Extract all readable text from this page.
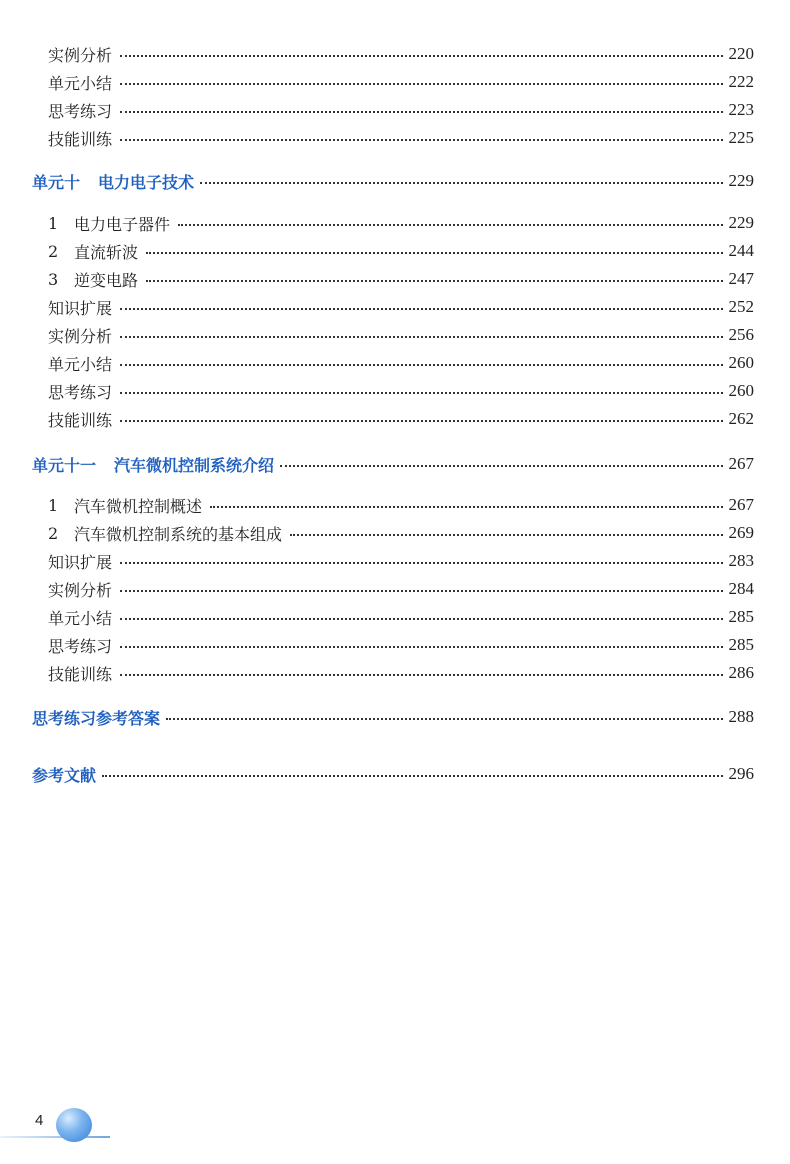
实例分析	220
单元小结	222
思考练习	223
技能训练	225
单元十 电力电子技术	229
1 电力电子器件	229
2 直流斩波	244
3 逆变电路	247
知识扩展	252
实例分析	256
单元小结	260
思考练习	260
技能训练	262
单元十一 汽车微机控制系统介绍	267
1 汽车微机控制概述	267
2 汽车微机控制系统的基本组成	269
知识扩展	283
实例分析	284
单元小结	285
思考练习	285
技能训练	286
思考练习参考答案	288
参考文献	296
4
